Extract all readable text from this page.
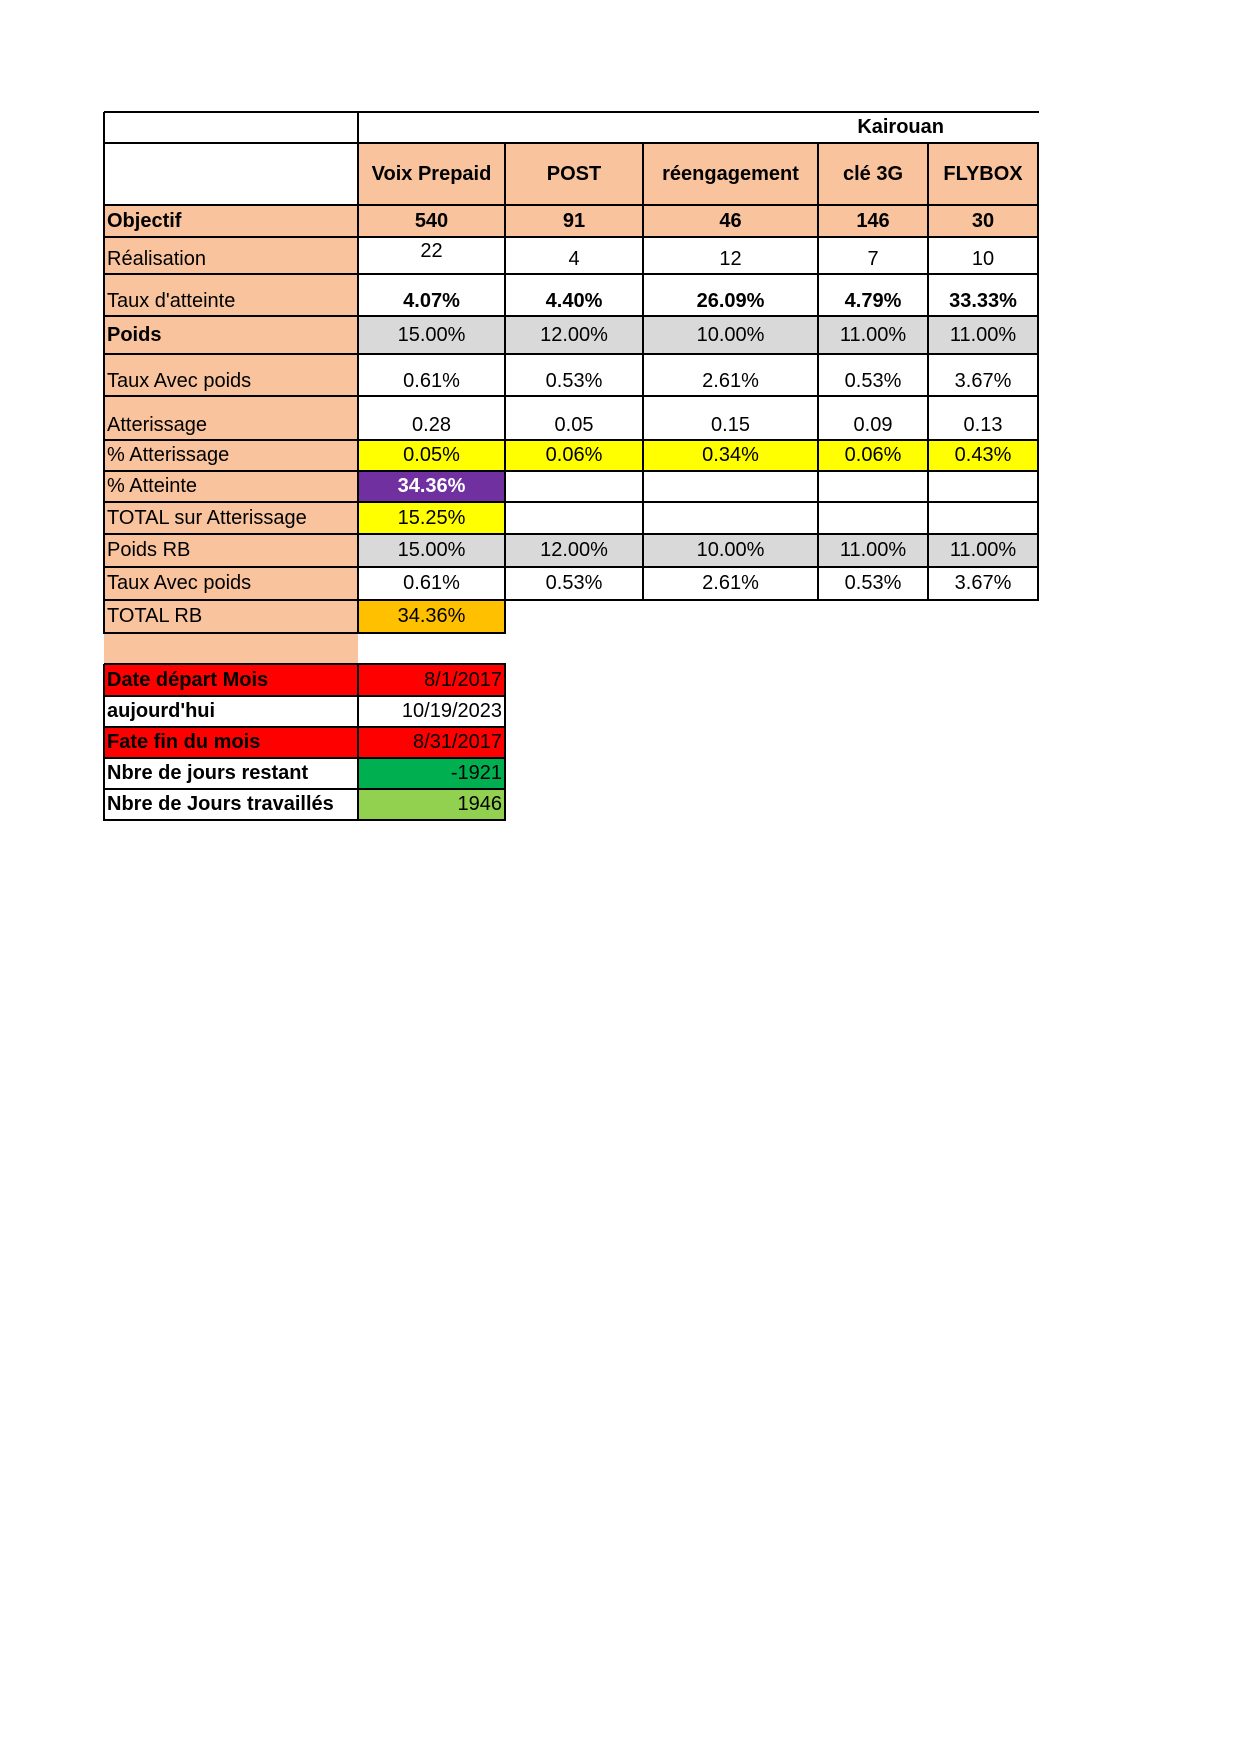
Kairouan
Voix Prepaid	POST	réengagement	clé 3G	FLYBOX
Objectif	540	91	46	146	30
Réalisation	22	4	12	7	10
Taux d'atteinte	4.07%	4.40%	26.09%	4.79%	33.33%
Poids	15.00%	12.00%	10.00%	11.00%	11.00%
Taux Avec poids	0.61%	0.53%	2.61%	0.53%	3.67%
Atterissage	0.28	0.05	0.15	0.09	0.13
% Atterissage	0.05%	0.06%	0.34%	0.06%	0.43%
% Atteinte	34.36%
TOTAL sur Atterissage	15.25%
Poids RB	15.00%	12.00%	10.00%	11.00%	11.00%
Taux Avec poids	0.61%	0.53%	2.61%	0.53%	3.67%
TOTAL RB	34.36%
Date départ Mois	8/1/2017
aujourd'hui	10/19/2023
Fate fin du mois	8/31/2017
Nbre de jours restant	-1921
Nbre de Jours travaillés	1946
